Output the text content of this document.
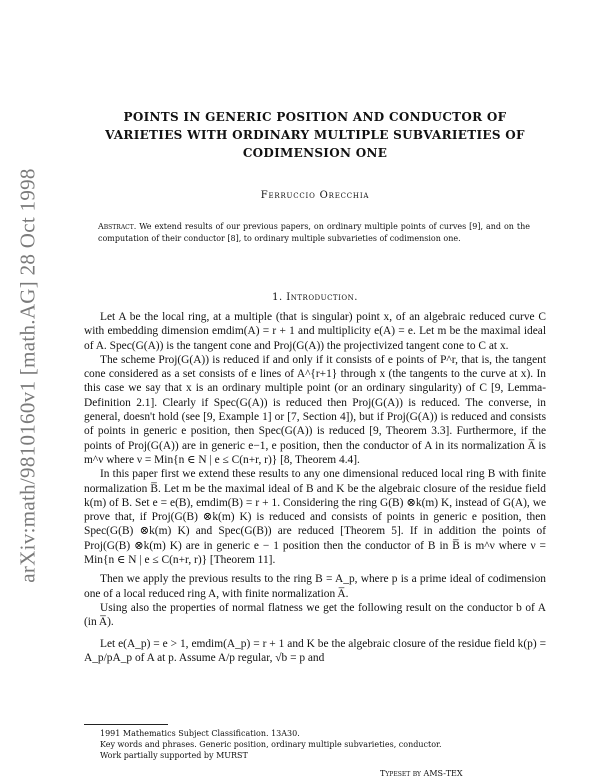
arXiv:math/9810160v1 [math.AG] 28 Oct 1998
POINTS IN GENERIC POSITION AND CONDUCTOR OF VARIETIES WITH ORDINARY MULTIPLE SUBVARIETIES OF CODIMENSION ONE
Ferruccio Orecchia
Abstract. We extend results of our previous papers, on ordinary multiple points of curves [9], and on the computation of their conductor [8], to ordinary multiple subvarieties of codimension one.
1. Introduction.

Let A be the local ring, at a multiple (that is singular) point x, of an algebraic reduced curve C with embedding dimension emdim(A) = r + 1 and multiplicity e(A) = e. Let m be the maximal ideal of A. Spec(G(A)) is the tangent cone and Proj(G(A)) the projectivized tangent cone to C at x.

The scheme Proj(G(A)) is reduced if and only if it consists of e points of P^r, that is, the tangent cone considered as a set consists of e lines of A^{r+1} through x (the tangents to the curve at x). In this case we say that x is an ordinary multiple point (or an ordinary singularity) of C [9, Lemma-Definition 2.1]. Clearly if Spec(G(A)) is reduced then Proj(G(A)) is reduced. The converse, in general, doesn't hold (see [9, Example 1] or [7, Section 4]), but if Proj(G(A)) is reduced and consists of points in generic e position, then Spec(G(A)) is reduced [9, Theorem 3.3]. Furthermore, if the points of Proj(G(A)) are in generic e−1, e position, then the conductor of A in its normalization A̅ is m^ν where ν = Min{n ∈ N | e ≤ C(n+r, r)} [8, Theorem 4.4].

In this paper first we extend these results to any one dimensional reduced local ring B with finite normalization B̅. Let m be the maximal ideal of B and K be the algebraic closure of the residue field k(m) of B. Set e = e(B), emdim(B) = r + 1. Considering the ring G(B) ⊗k(m) K, instead of G(A), we prove that, if Proj(G(B) ⊗k(m) K) is reduced and consists of points in generic e position, then Spec(G(B) ⊗k(m) K) and Spec(G(B)) are reduced [Theorem 5]. If in addition the points of Proj(G(B) ⊗k(m) K) are in generic e − 1 position then the conductor of B in B̅ is m^ν where ν = Min{n ∈ N | e ≤ C(n+r, r)} [Theorem 11].

Then we apply the previous results to the ring B = A_p, where p is a prime ideal of codimension one of a local reduced ring A, with finite normalization A̅.

Using also the properties of normal flatness we get the following result on the conductor b of A (in A̅).

Let e(A_p) = e > 1, emdim(A_p) = r + 1 and K be the algebraic closure of the residue field k(p) = A_p/pA_p of A at p. Assume A/p regular, √b = p and

1991 Mathematics Subject Classification. 13A30.

Key words and phrases. Generic position, ordinary multiple subvarieties, conductor.

Work partially supported by MURST

Typeset by AMS-TEX
